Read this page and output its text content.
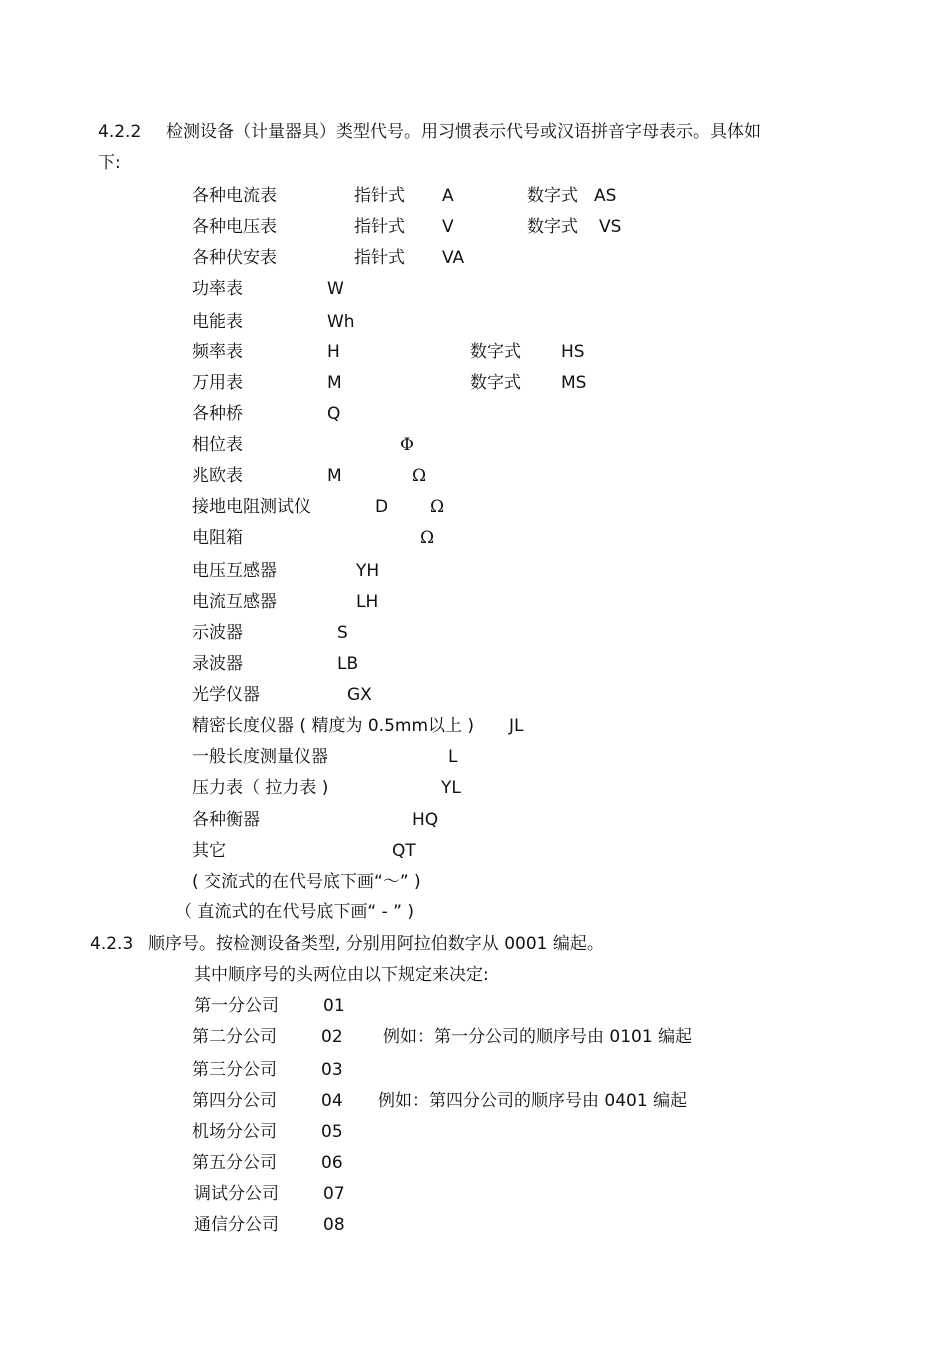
4.2.2 检测设备（计量器具）类型代号。用习惯表示代号或汉语拼音字母表示。具体如
下:
各种电流表	指针式 A	数字式 AS
各种电压表	指针式 V	数字式 VS
各种伏安表	指针式 VA
功率表	W
电能表	Wh
频率表	H	数字式 HS
万用表	M	数字式 MS
各种桥	Q
相位表	Φ
兆欧表	M	Ω
接地电阻测试仪	D Ω
电阻箱	Ω
电压互感器	YH
电流互感器	LH
示波器	S
录波器	LB
光学仪器	GX
精密长度仪器 ( 精度为 0.5mm以上 ) JL
一般长度测量仪器	L
压力表（ 拉力表 )	YL
各种衡器	HQ
其它	QT
( 交流式的在代号底下画“～” )
（ 直流式的在代号底下画“ - ” )
4.2.3 顺序号。按检测设备类型, 分别用阿拉伯数字从 0001 编起。
其中顺序号的头两位由以下规定来决定:
第一分公司	01
第二分公司	02 例如：第一分公司的顺序号由 0101 编起
第三分公司	03
第四分公司	04 例如：第四分公司的顺序号由 0401 编起
机场分公司	05
第五分公司	06
调试分公司	07
通信分公司	08
